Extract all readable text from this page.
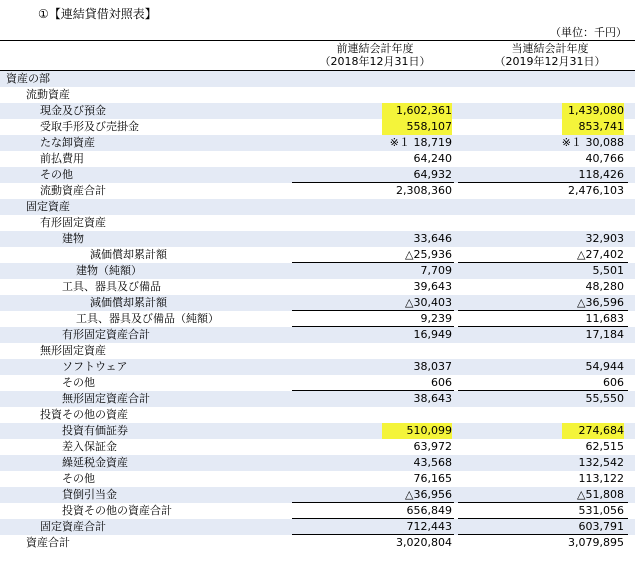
①【連結貸借対照表】
（単位：千円）
前連結会計年度
（2018年12月31日）
当連結会計年度
（2019年12月31日）
資産の部
流動資産
現金及び預金	1,602,361	1,439,080
受取手形及び売掛金	558,107	853,741
たな卸資産	※１ 18,719	※１ 30,088
前払費用	64,240	40,766
その他	64,932	118,426
流動資産合計	2,308,360	2,476,103
固定資産
有形固定資産
建物	33,646	32,903
減価償却累計額	△25,936	△27,402
建物（純額）	7,709	5,501
工具、器具及び備品	39,643	48,280
減価償却累計額	△30,403	△36,596
工具、器具及び備品（純額）	9,239	11,683
有形固定資産合計	16,949	17,184
無形固定資産
ソフトウェア	38,037	54,944
その他	606	606
無形固定資産合計	38,643	55,550
投資その他の資産
投資有価証券	510,099	274,684
差入保証金	63,972	62,515
繰延税金資産	43,568	132,542
その他	76,165	113,122
貸倒引当金	△36,956	△51,808
投資その他の資産合計	656,849	531,056
固定資産合計	712,443	603,791
資産合計	3,020,804	3,079,895
